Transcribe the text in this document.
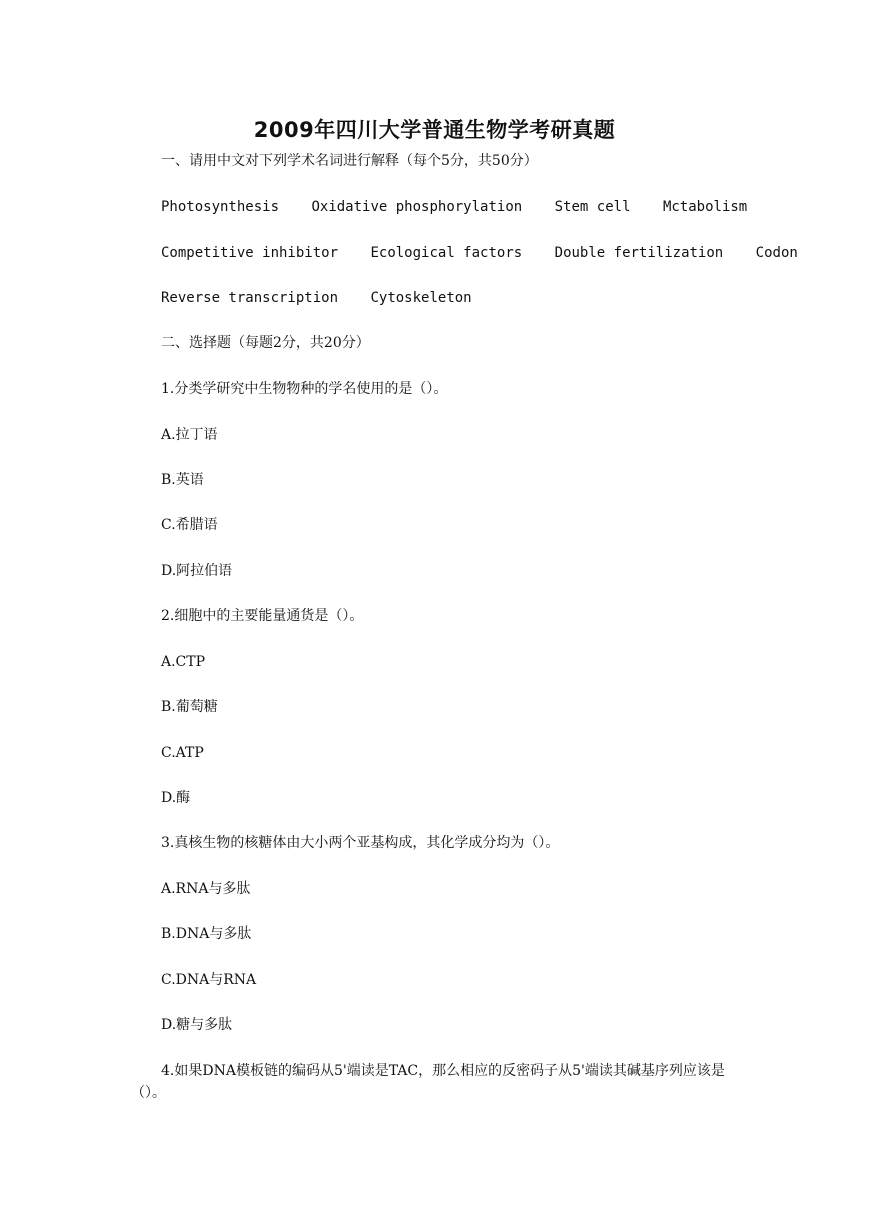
2009年四川大学普通生物学考研真题
一、请用中文对下列学术名词进行解释（每个5分，共50分）
Photosynthesis Oxidative phosphorylation Stem cell Mctabolism
Competitive inhibitor Ecological factors Double fertilization Codon
Reverse transcription Cytoskeleton
二、选择题（每题2分，共20分）
1.分类学研究中生物物种的学名使用的是（）。
A.拉丁语
B.英语
C.希腊语
D.阿拉伯语
2.细胞中的主要能量通货是（）。
A.CTP
B.葡萄糖
C.ATP
D.酶
3.真核生物的核糖体由大小两个亚基构成，其化学成分均为（）。
A.RNA与多肽
B.DNA与多肽
C.DNA与RNA
D.糖与多肽
4.如果DNA模板链的编码从5'端读是TAC，那么相应的反密码子从5'端读其碱基序列应该是（）。
